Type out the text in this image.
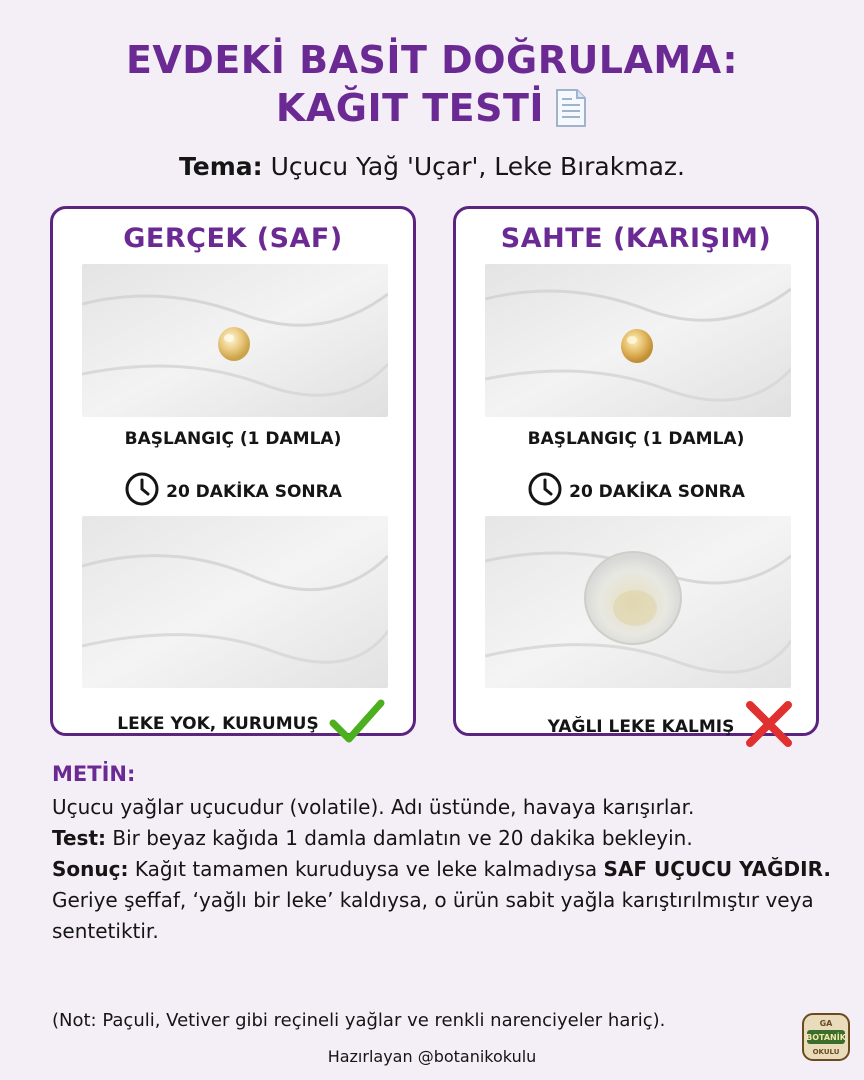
EVDEKİ BASİT DOĞRULAMA:
KAĞIT TESTİ
Tema: Uçucu Yağ 'Uçar', Leke Bırakmaz.
GERÇEK (SAF)
BAŞLANGIÇ (1 DAMLA)
20 DAKİKA SONRA
LEKE YOK, KURUMUŞ
SAHTE (KARIŞIM)
BAŞLANGIÇ (1 DAMLA)
20 DAKİKA SONRA
YAĞLI LEKE KALMIŞ
METİN:

Uçucu yağlar uçucudur (volatile). Adı üstünde, havaya karışırlar.

Test: Bir beyaz kağıda 1 damla damlatın ve 20 dakika bekleyin.

Sonuç: Kağıt tamamen kuruduysa ve leke kalmadıysa SAF UÇUCU YAĞDIR.

Geriye şeffaf, ‘yağlı bir leke’ kaldıysa, o ürün sabit yağla karıştırılmıştır veya sentetiktir.

(Not: Paçuli, Vetiver gibi reçineli yağlar ve renkli narenciyeler hariç).
Hazırlayan @botanikokulu
GA
BOTANİK
OKULU
